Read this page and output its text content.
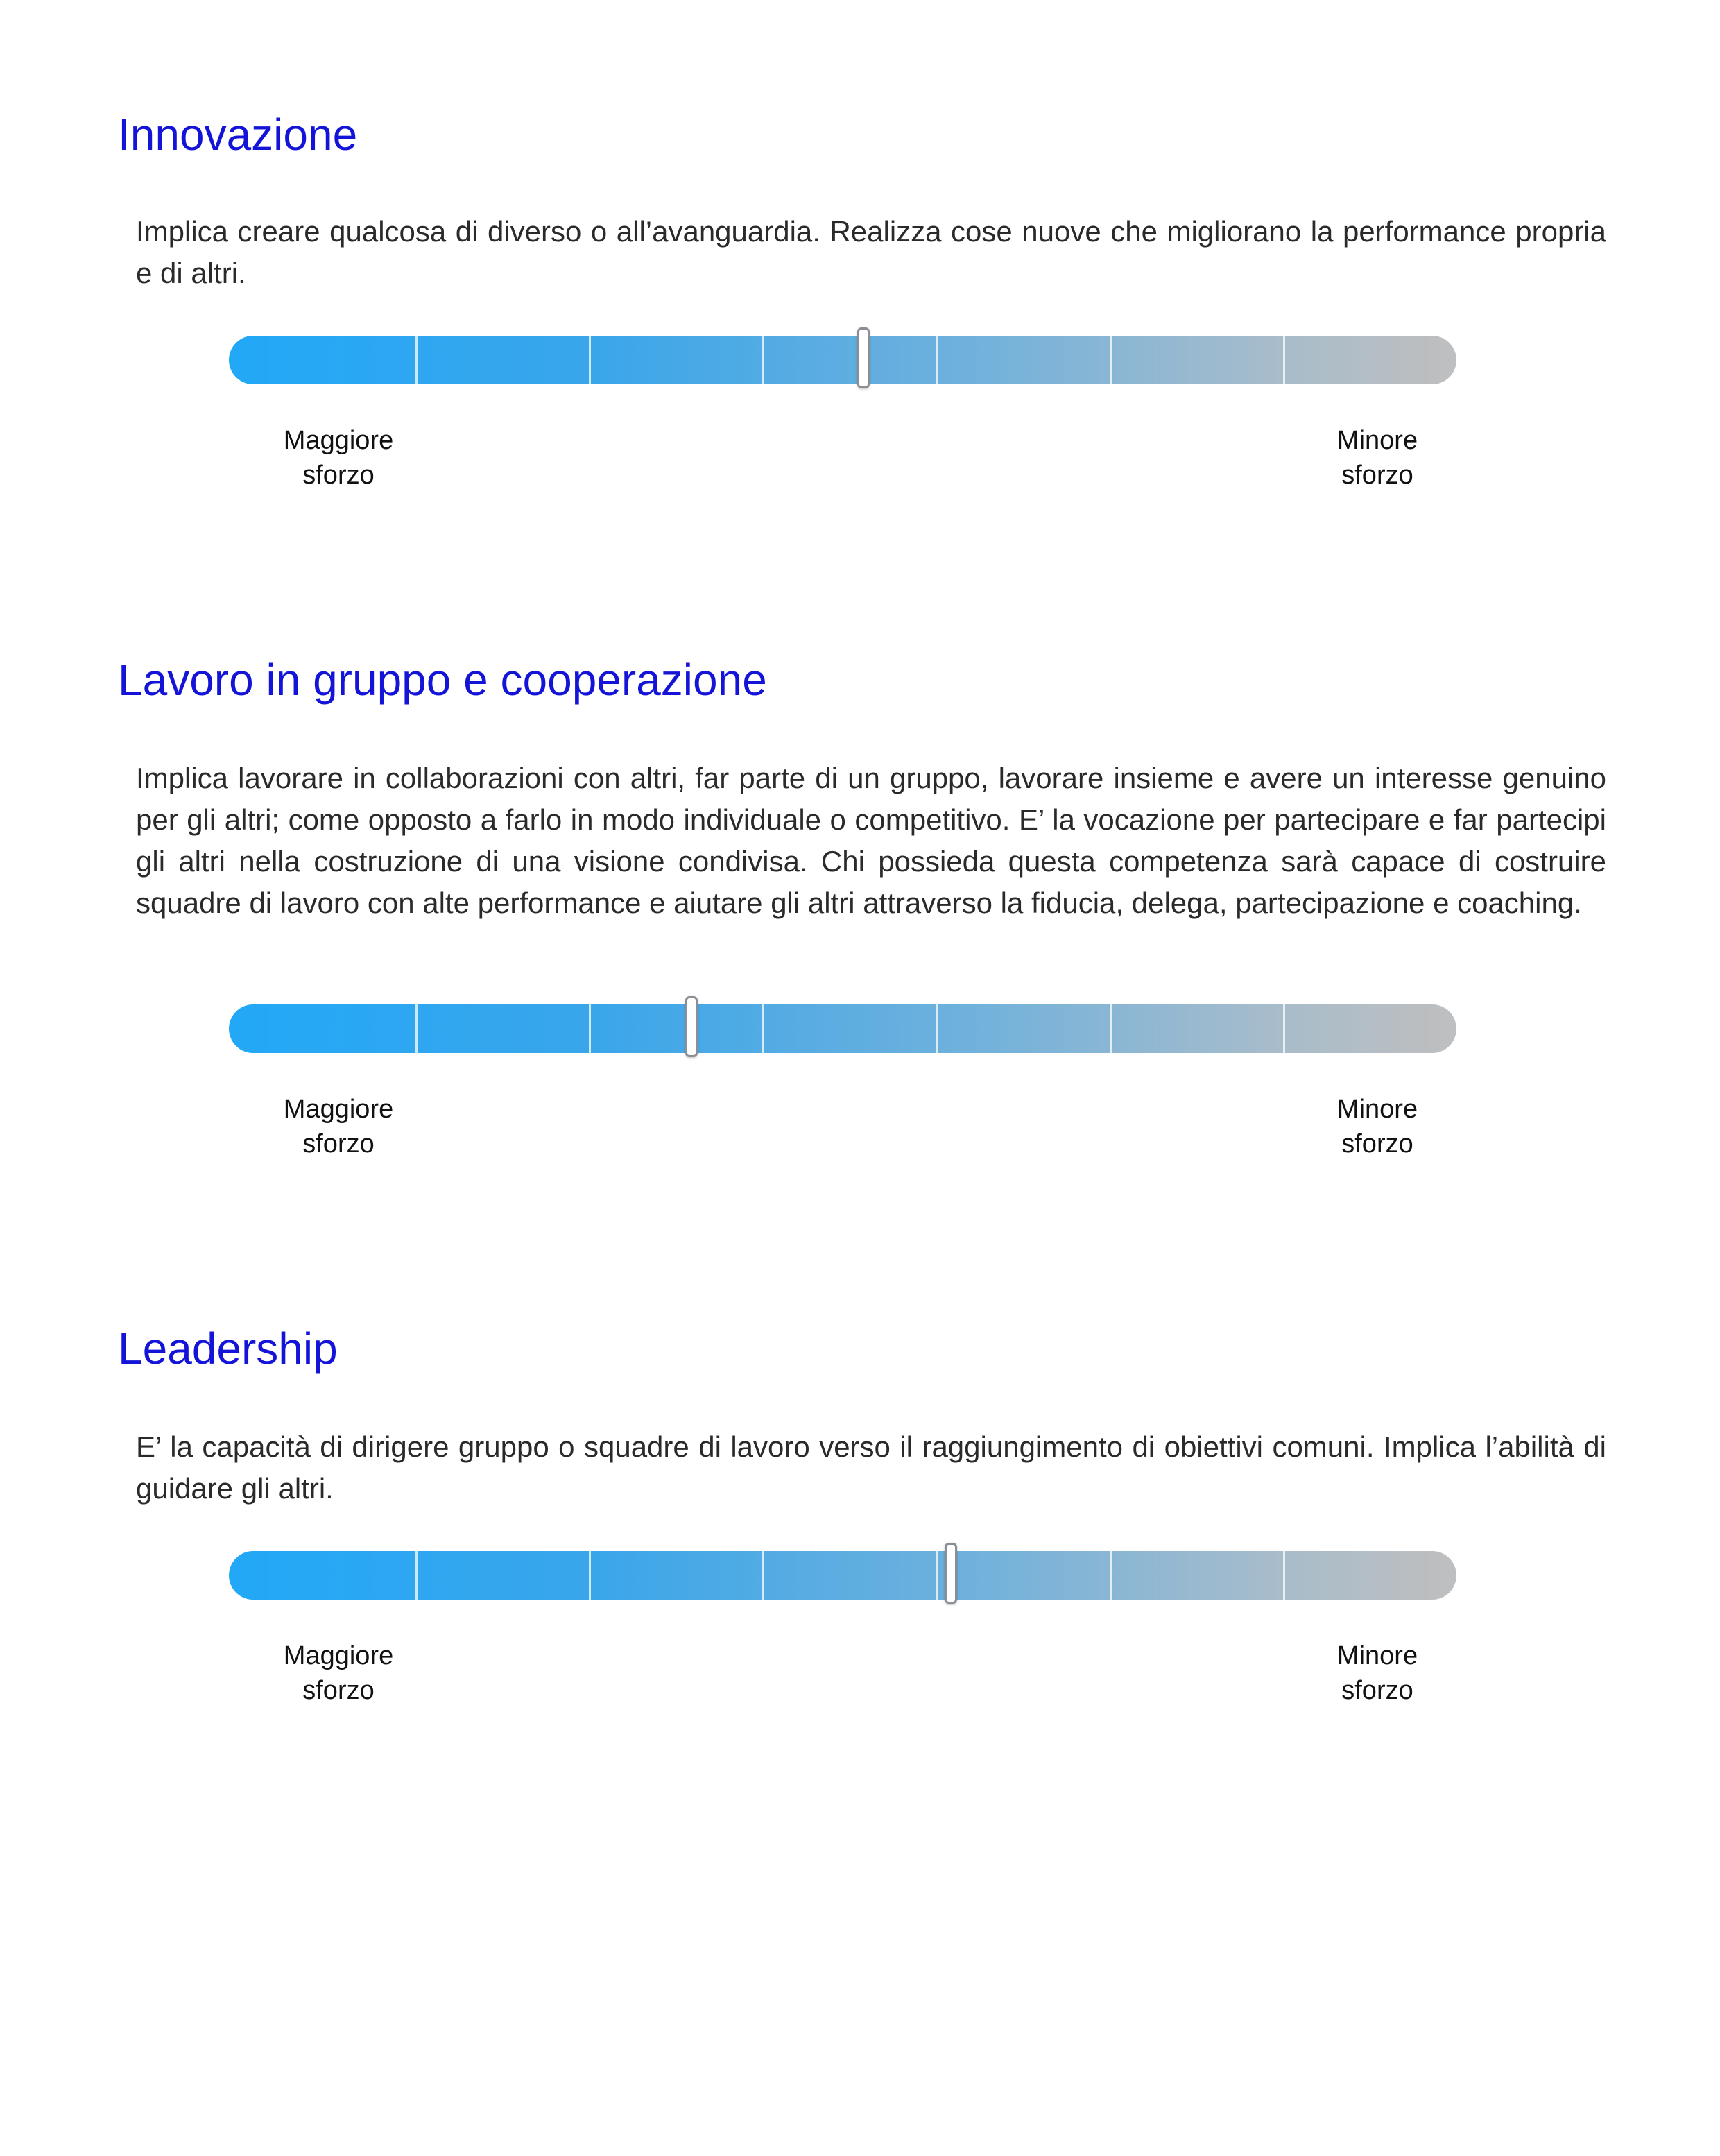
Innovazione

Implica creare qualcosa di diverso o all’avanguardia. Realizza cose nuove che migliorano la performance propria e di altri.

Maggiore
sforzo
Minore
sforzo
Lavoro in gruppo e cooperazione

Implica lavorare in collaborazioni con altri, far parte di un gruppo, lavorare insieme e avere un interesse genuino per gli altri; come opposto a farlo in modo individuale o competitivo. E’ la vocazione per partecipare e far partecipi gli altri nella costruzione di una visione condivisa. Chi possieda questa competenza sarà capace di costruire squadre di lavoro con alte performance e aiutare gli altri attraverso la fiducia, delega, partecipazione e coaching.

Maggiore
sforzo
Minore
sforzo
Leadership

E’ la capacità di dirigere gruppo o squadre di lavoro verso il raggiungimento di obiettivi comuni. Implica l’abilità di guidare gli altri.

Maggiore
sforzo
Minore
sforzo
